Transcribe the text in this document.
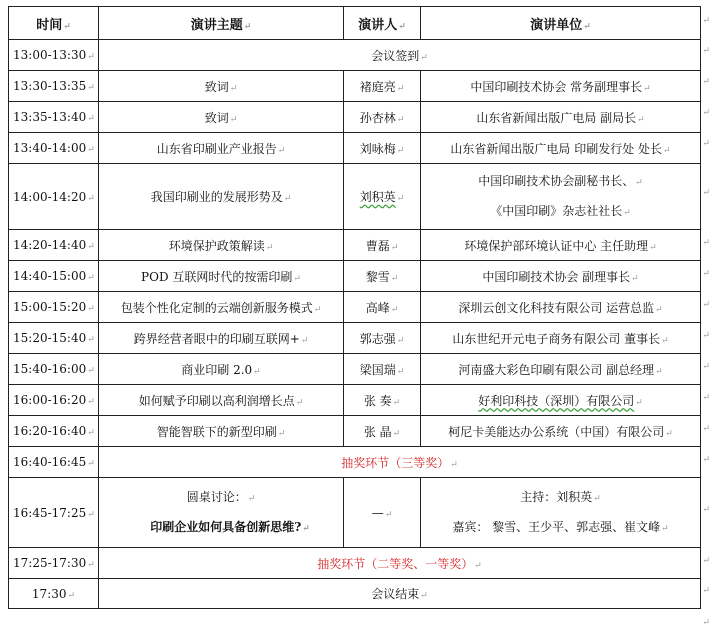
时间↵	演讲主题↵	演讲人↵	演讲单位↵
13:00-13:30↵	会议签到↵		
13:30-13:35↵	致词↵	褚庭亮↵	中国印刷技术协会 常务副理事长↵
13:35-13:40↵	致词↵	孙杏林↵	山东省新闻出版广电局 副局长↵
13:40-14:00↵	山东省印刷业产业报告↵	刘咏梅↵	山东省新闻出版广电局 印刷发行处 处长↵
14:00-14:20↵	我国印刷业的发展形势及↵	刘积英↵	中国印刷技术协会副秘书长、↵
《中国印刷》杂志社社长↵

14:20-14:40↵	环境保护政策解读↵	曹磊↵	环境保护部环境认证中心 主任助理↵
14:40-15:00↵	POD 互联网时代的按需印刷↵	黎雪↵	中国印刷技术协会 副理事长↵
15:00-15:20↵	包装个性化定制的云端创新服务模式↵	高峰↵	深圳云创文化科技有限公司 运营总监↵
15:20-15:40↵	跨界经营者眼中的印刷互联网+↵	郭志强↵	山东世纪开元电子商务有限公司 董事长↵
15:40-16:00↵	商业印刷 2.0↵	梁国瑞↵	河南盛大彩色印刷有限公司 副总经理↵
16:00-16:20↵	如何赋予印刷以高利润增长点↵	张 奏↵	好利印科技（深圳）有限公司↵
16:20-16:40↵	智能智联下的新型印刷↵	张 晶↵	柯尼卡美能达办公系统（中国）有限公司↵
16:40-16:45↵	抽奖环节（三等奖）↵		
16:45-17:25↵	圆桌讨论：↵
印刷企业如何具备创新思维?↵	—↵	主持：刘积英↵
嘉宾： 黎雪、王少平、郭志强、崔文峰↵

17:25-17:30↵	抽奖环节（二等奖、一等奖）↵		
17:30↵	会议结束↵		
↵
↵
↵
↵
↵
↵
↵
↵
↵
↵
↵
↵
↵
↵
↵
↵
↵
↵
